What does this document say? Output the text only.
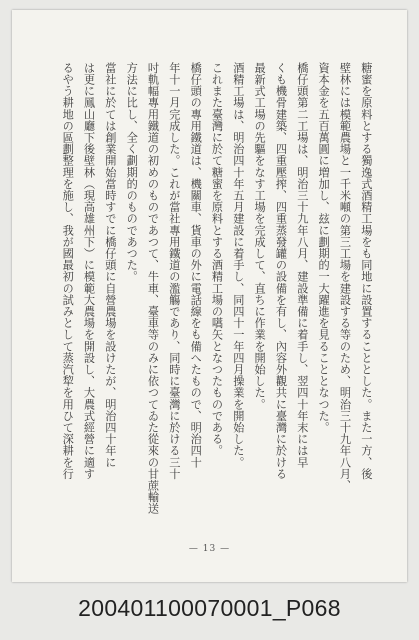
糖蜜を原料とする獨逸式酒精工場をも同地に設置することとした。また一方、後
壁林には模範農場と一千米噸の第三工場を建設する等のため、明治三十九年八月、
資本金を五百萬圓に増加し、玆に劃期的一大躍進を見ることとなつた。
橋仔頭第二工場は、明治三十九年八月、建設準備に着手し、翌四十年末には早
くも機骨建築、四重壓搾、四重蒸發罐の設備を有し、內容外觀共に臺灣に於ける
最新式工場の先驅をなす工場を完成して、直ちに作業を開始した。
酒精工場は、明治四十年五月建設に着手し、同四十一年四月操業を開始した。
これまた臺灣に於て糖蜜を原料とする酒精工場の嚆矢となつたものである。
橋仔頭の專用鐵道は、機關車、貨車の外に電話線をも備へたもので、明治四十
年十一月完成した。これが當社專用鐵道の濫觴であり、同時に臺灣に於ける三十
吋軌幅專用鐵道の初めのものであつて、牛車、臺車等のみに依つてゐた從來の甘蔗輸送
方法に比し、全く劃期的のものであつた。
當社に於ては創業開始當時すでに橋仔頭に自營農場を設けたが、明治四十年に
は更に鳳山廳下後壁林（現高雄州下）に模範大農場を開設し、大農式經營に適す
るやう耕地の區劃整理を施し、我が國最初の試みとして蒸汽犂を用ひて深耕を行
— 13 —
200401100070001_P068
